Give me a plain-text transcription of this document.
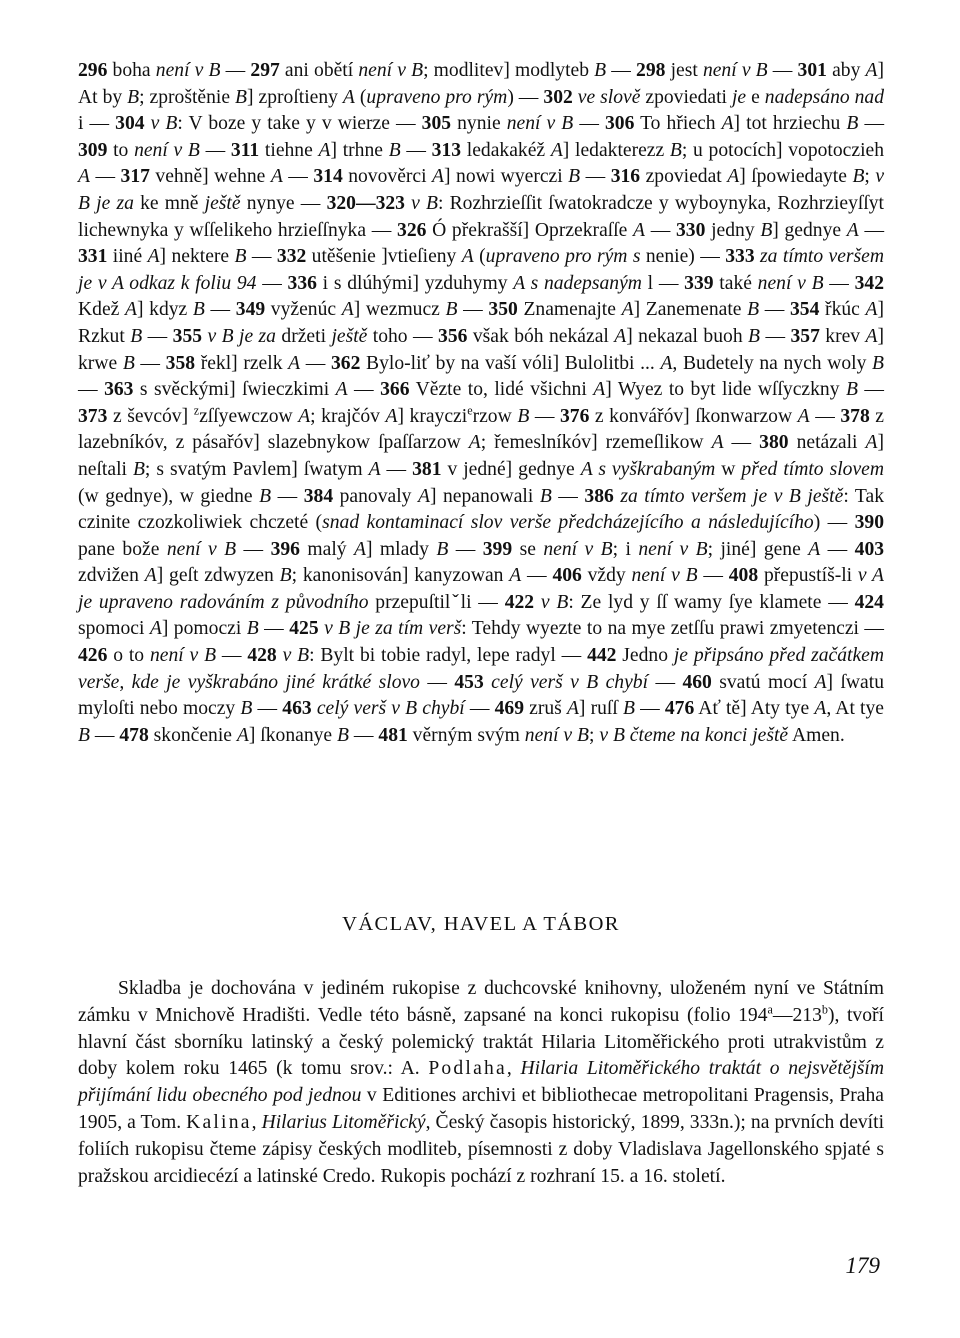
296 boha není v B — 297 ani obětí není v B; modlitev] modlyteb B — 298 jest není v B — 301 aby A] At by B; zproštěnie B] zproſtieny A (upraveno pro rým) — 302 ve slově zpoviedati je e nadepsáno nad i — 304 v B: V boze y take y v wierze — 305 nynie není v B — 306 To hřiech A] tot hrziechu B — 309 to není v B — 311 tiehne A] trhne B — 313 ledakakéž A] ledakterezz B; u potocích] vopotoczieh A — 317 vehně] wehne A — 314 novověrci A] nowi wyerczi B — 316 zpoviedat A] ſpowiedayte B; v B je za ke mně ještě nynye — 320—323 v B: Rozhrzieſſit ſwatokradcze y wyboynyka, Rozhrzieyſſyt lichewnyka y wſſelikeho hrzieſſnyka — 326 Ó překrašší] Oprzekraſſe A — 330 jedny B] gednye A — 331 iiné A] nektere B — 332 utěšenie ]vtieſieny A (upraveno pro rým s nenie) — 333 za tímto veršem je v A odkaz k foliu 94 — 336 i s dlúhými] yzduhymy A s nadepsaným l — 339 také není v B — 342 Kdež A] kdyz B — 349 vyženúc A] wezmucz B — 350 Znamenajte A] Zanemenate B — 354 řkúc A] Rzkut B — 355 v B je za držeti ještě toho — 356 však bóh nekázal A] nekazal buoh B — 357 krev A] krwe B — 358 řekl] rzelk A — 362 Bylo-liť by na vaší vóli] Bulolitbi ... A, Budetely na nych woly B — 363 s svěckými] ſwieczkimi A — 366 Věztе to, lidé všichni A] Wyez to byt lide wſſyczkny B — 373 z ševcóv] $^z$zſſyewczow A; krajčóv A] krayczi$^e$rzow B — 376 z konvářóv] ſkonwarzow A — 378 z lazebníkóv, z pásařóv] slazebnykow ſpaſſarzow A; řemeslníkóv] rzemeſlikow A — 380 netázali A] neſtali B; s svatým Pavlem] ſwatym A — 381 v jedné] gednye A s vyškrabaným w před tímto slovem (w gednye), w giedne B — 384 panovaly A] nepanowali B — 386 za tímto veršem je v B ještě: Tak czinite czozkoliwiek chczeté (snad kontaminací slov verše předcházejícího a následujícího) — 390 pane bože není v B — 396 malý A] mlady B — 399 se není v B; i není v B; jiné] gene A — 403 zdvižen A] geſt zdwyzen B; kanonisován] kanyzowan A — 406 vždy není v B — 408 přepustíš-li v A je upraveno radováním z původního przepuſtilˇli — 422 v B: Ze lyd y ſſ wamy ſye klamete — 424 spomoci A] pomoczi B — 425 v B je za tím verš: Tehdy wyezte to na mye zetſſu prawi zmyetenczi — 426 o to není v B — 428 v B: Bylt bi tobie radyl, lepe radyl — 442 Jedno je připsáno před začátkem verše, kde je vyškrabáno jiné krátké slovo — 453 celý verš v B chybí — 460 svatú mocí A] ſwatu myloſti nebo moczy B — 463 celý verš v B chybí — 469 zruš A] ruſſ B — 476 Ať tě] Aty tye A, At tye B — 478 skončenie A] ſkonanye B — 481 věrným svým není v B; v B čteme na konci ještě Amen.

VÁCLAV, HAVEL A TÁBOR

Skladba je dochována v jediném rukopise z duchcovské knihovny, uloženém nyní ve Státním zámku v Mnichově Hradišti. Vedle této básně, zapsané na konci rukopisu (folio 194$^a$—213$^b$), tvoří hlavní část sborníku latinský a český polemický traktát Hilaria Litoměřického proti utrakvistům z doby kolem roku 1465 (k tomu srov.: A. Podlaha, Hilaria Litoměřického traktát o nejsvětějším přijímání lidu obecného pod jednou v Editiones archivi et bibliothecae metropolitani Pragensis, Praha 1905, a Tom. Kalina, Hilarius Litoměřický, Český časopis historický, 1899, 333n.); na prvních devíti foliích rukopisu čteme zápisy českých modliteb, písemnosti z doby Vladislava Jagellonského spjaté s pražskou arcidiecézí a latinské Credo. Rukopis pochází z rozhraní 15. a 16. století.

179
